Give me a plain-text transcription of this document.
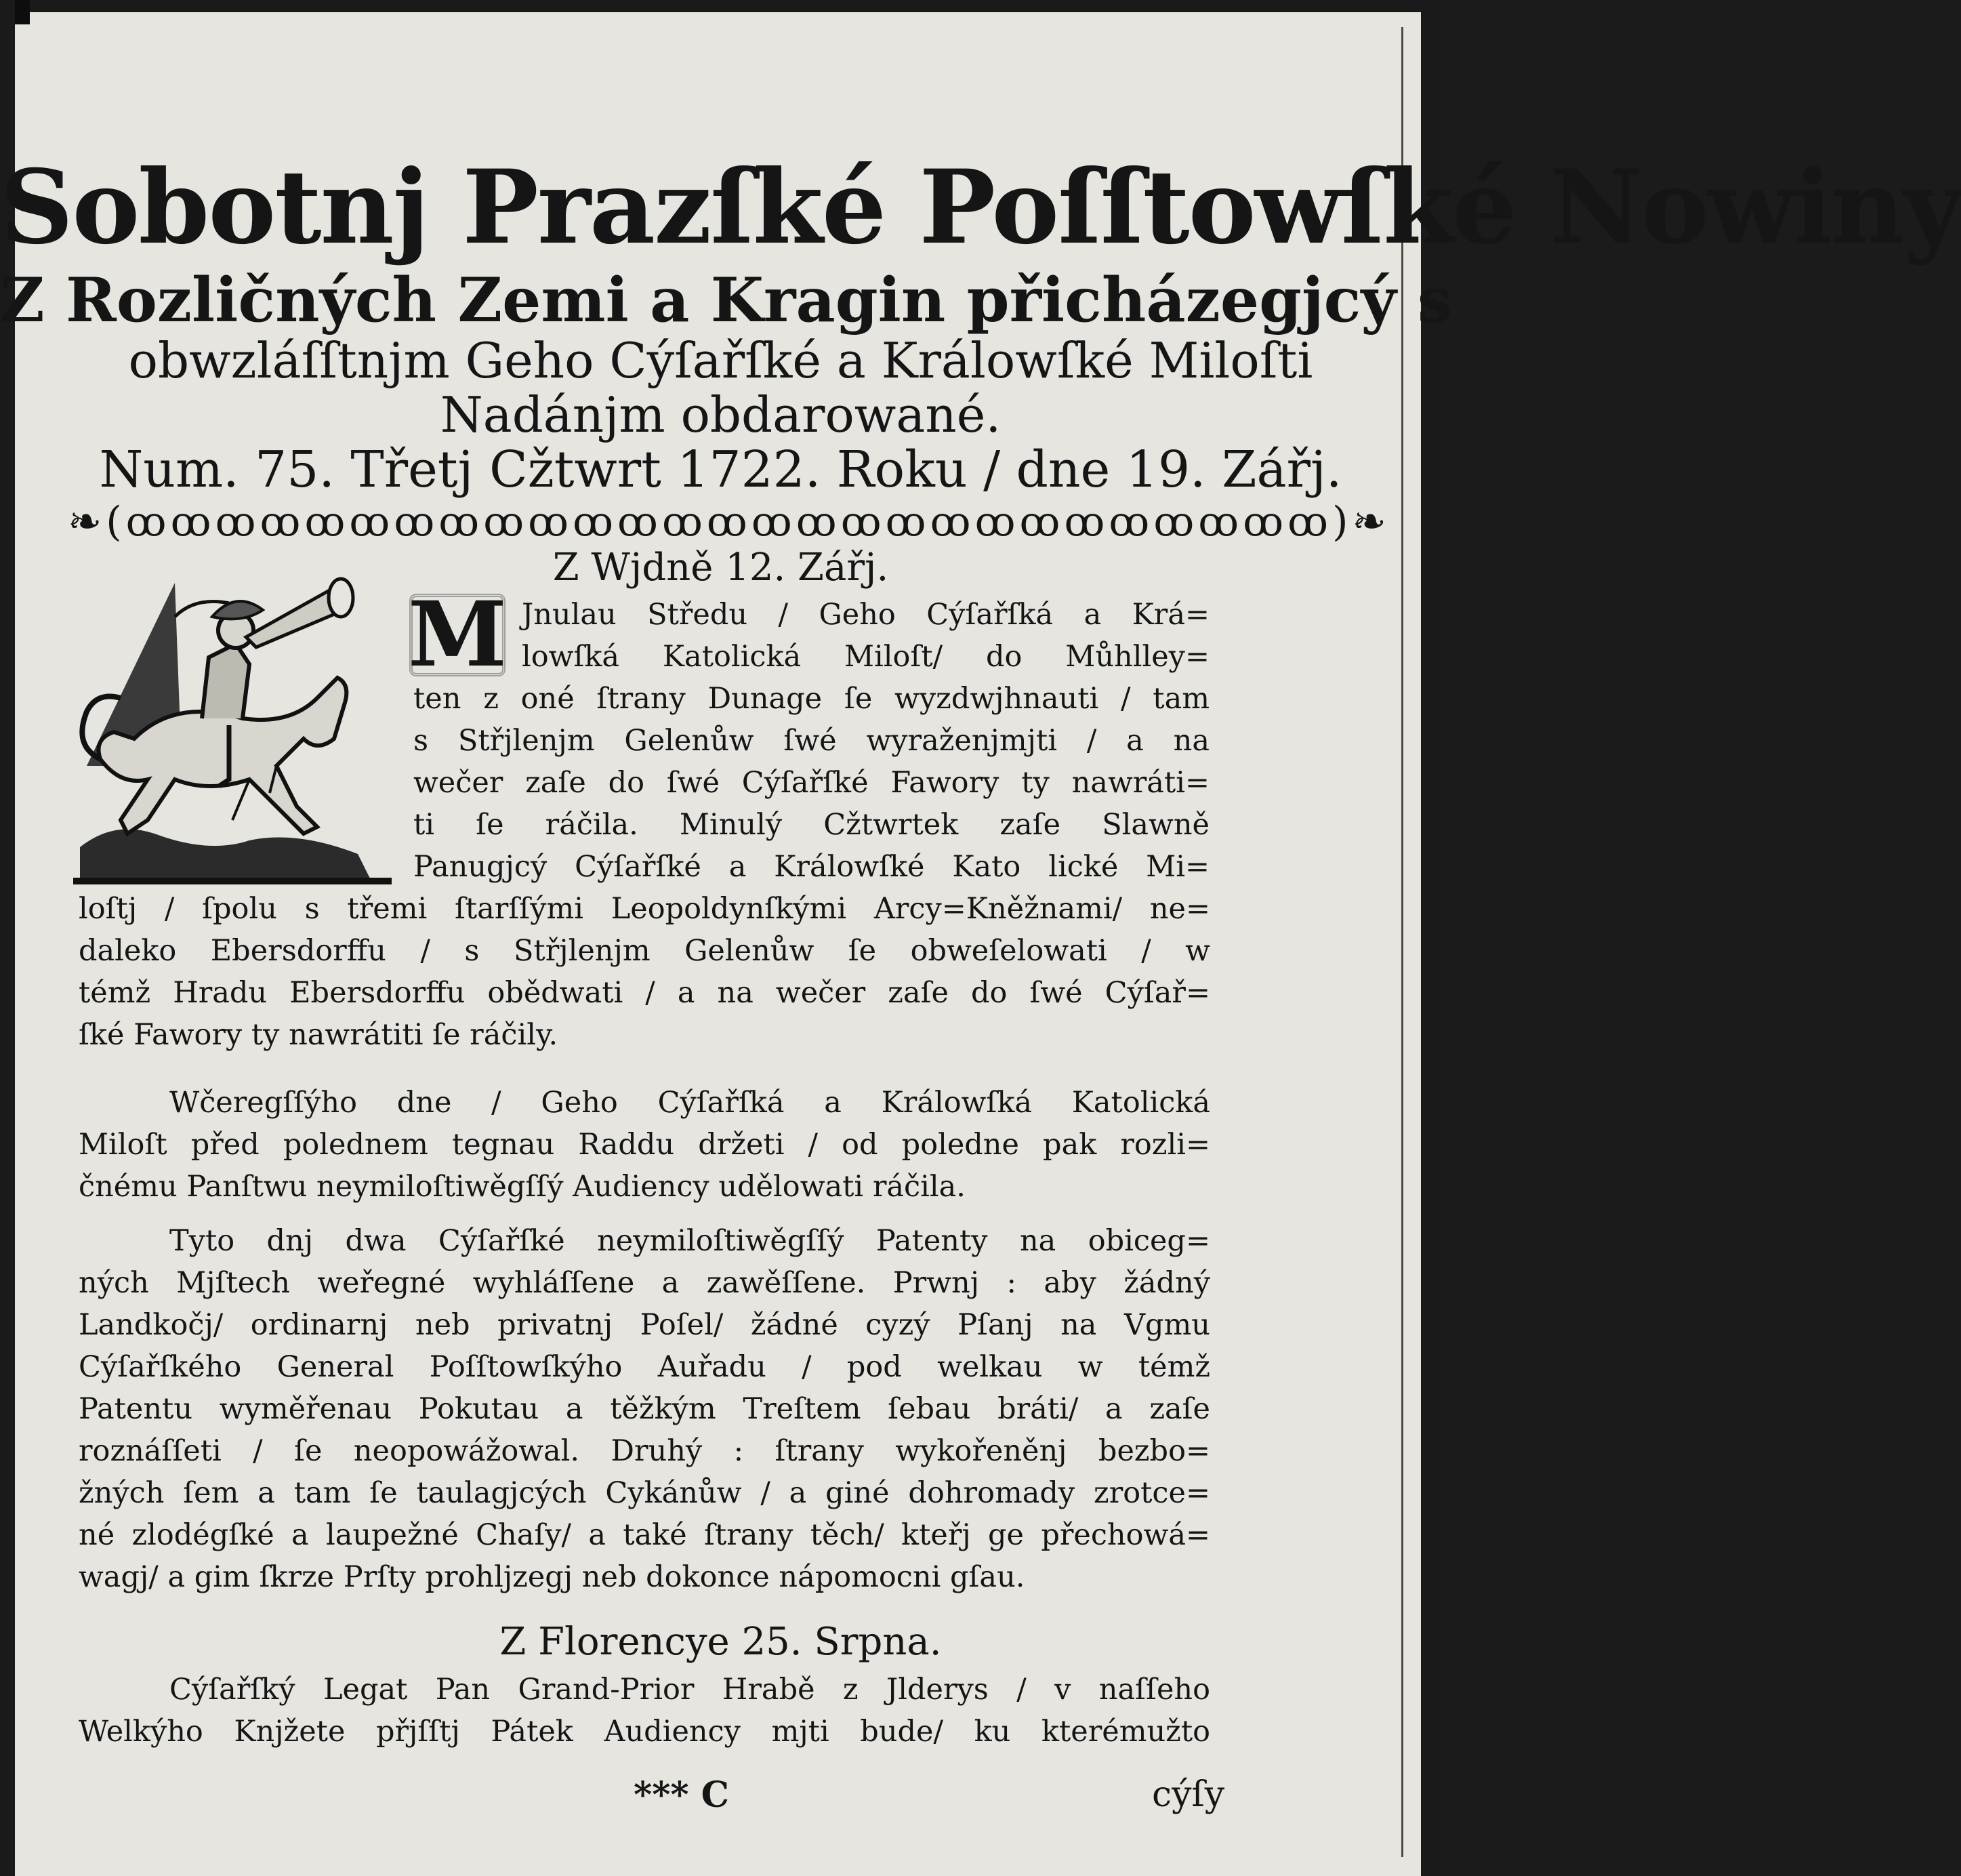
Sobotnj Prazſké Poſſtowſké Nowiny
Z Rozličných Zemi a Kragin přicházegjcý s
obwzláſſtnjm Geho Cýſařſké a Králowſké Miloſti
Nadánjm obdarowané.
Num. 75. Třetj Cžtwrt 1722. Roku / dne 19. Zářj.
❧(ꝏꝏꝏꝏꝏꝏꝏꝏꝏꝏꝏꝏꝏꝏꝏꝏꝏꝏꝏꝏꝏꝏꝏꝏꝏꝏꝏ)❧
Z Wjdně 12. Zářj.
M Jnulau Středu / Geho Cýſařſká a Krá=
lowſká Katolická Miloſt/ do Můhlley=
ten z oné ſtrany Dunage ſe wyzdwjhnauti / tam
s Střjlenjm Gelenůw ſwé wyraženjmjti / a na
wečer zaſe do ſwé Cýſařſké Fawory ty nawráti=
ti ſe ráčila. Minulý Cžtwrtek zaſe Slawně
Panugjcý Cýſařſké a Králowſké Kato lické Mi=
loſtj / ſpolu s třemi ſtarſſými Leopoldynſkými Arcy=Kněžnami/ ne=
daleko Ebersdorffu / s Střjlenjm Gelenůw ſe obweſelowati / w
témž Hradu Ebersdorffu obědwati / a na wečer zaſe do ſwé Cýſař=
ſké Fawory ty nawrátiti ſe ráčily.
Wčeregſſýho dne / Geho Cýſařſká a Králowſká Katolická
Miloſt před polednem tegnau Raddu držeti / od poledne pak rozli=
čnému Panſtwu neymiloſtiwěgſſý Audiency udělowati ráčila.
Tyto dnj dwa Cýſařſké neymiloſtiwěgſſý Patenty na obiceg=
ných Mjſtech weřegné wyhláſſene a zawěſſene. Prwnj : aby žádný
Landkočj/ ordinarnj neb privatnj Poſel/ žádné cyzý Pſanj na Vgmu
Cýſařſkého General Poſſtowſkýho Auřadu / pod welkau w témž
Patentu wyměřenau Pokutau a těžkým Treſtem ſebau bráti/ a zaſe
roznáſſeti / ſe neopowážowal. Druhý : ſtrany wykořeněnj bezbo=
žných ſem a tam ſe taulagjcých Cykánůw / a giné dohromady zrotce=
né zlodégſké a laupežné Chaſy/ a také ſtrany těch/ kteřj ge přechowá=
wagj/ a gim ſkrze Prſty prohljzegj neb dokonce nápomocni gſau.
Z Florencye 25. Srpna.
Cýſařſký Legat Pan Grand-Prior Hrabě z Jlderys / v naſſeho
Welkýho Knjžete přjſſtj Pátek Audiency mjti bude/ ku kterémužto
*** C	cýſy
